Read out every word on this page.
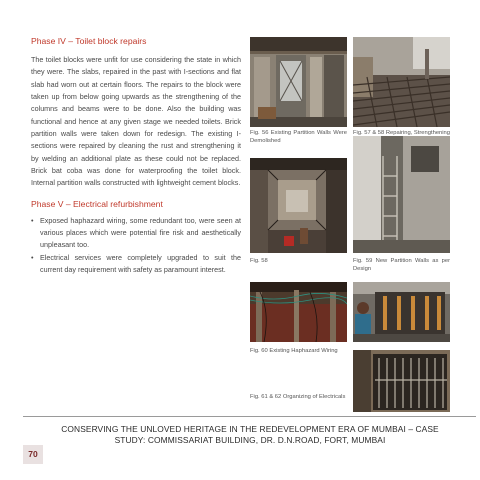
Phase IV – Toilet block repairs

The toilet blocks were unfit for use considering the state in which they were. The slabs, repaired in the past with I-sections and flat slab had worn out at certain floors. The repairs to the block were taken up from below going upwards as the strengthening of the columns and beams were to be done. Also the building was functional and hence at any given stage we needed toilets. Brick partition walls were taken down for redesign. The existing I-sections were repaired by cleaning the rust and strengthening it by welding an additional plate as these could not be replaced. Brick bat coba was done for waterproofing the toilet block. Internal partition walls constructed with lightweight cement blocks.

Phase V – Electrical refurbishment
• Exposed haphazard wiring, some redundant too, were seen at various places which were potential fire risk and aesthetically unpleasant too.
• Electrical services were completely upgraded to suit the current day requirement with safety as paramount interest.
Fig. 56 Existing Partition Walls Were Demolished
Fig. 57 & 58 Repairing, Strengthening
Fig. 58	Fig. 59 New Partition Walls as per Design
Fig. 60 Existing Haphazard Wiring
Fig. 61 & 62 Organizing of Electricals
CONSERVING THE UNLOVED HERITAGE IN THE REDEVELOPMENT ERA OF MUMBAI – CASE
STUDY: COMMISSARIAT BUILDING, DR. D.N.ROAD, FORT, MUMBAI
70
